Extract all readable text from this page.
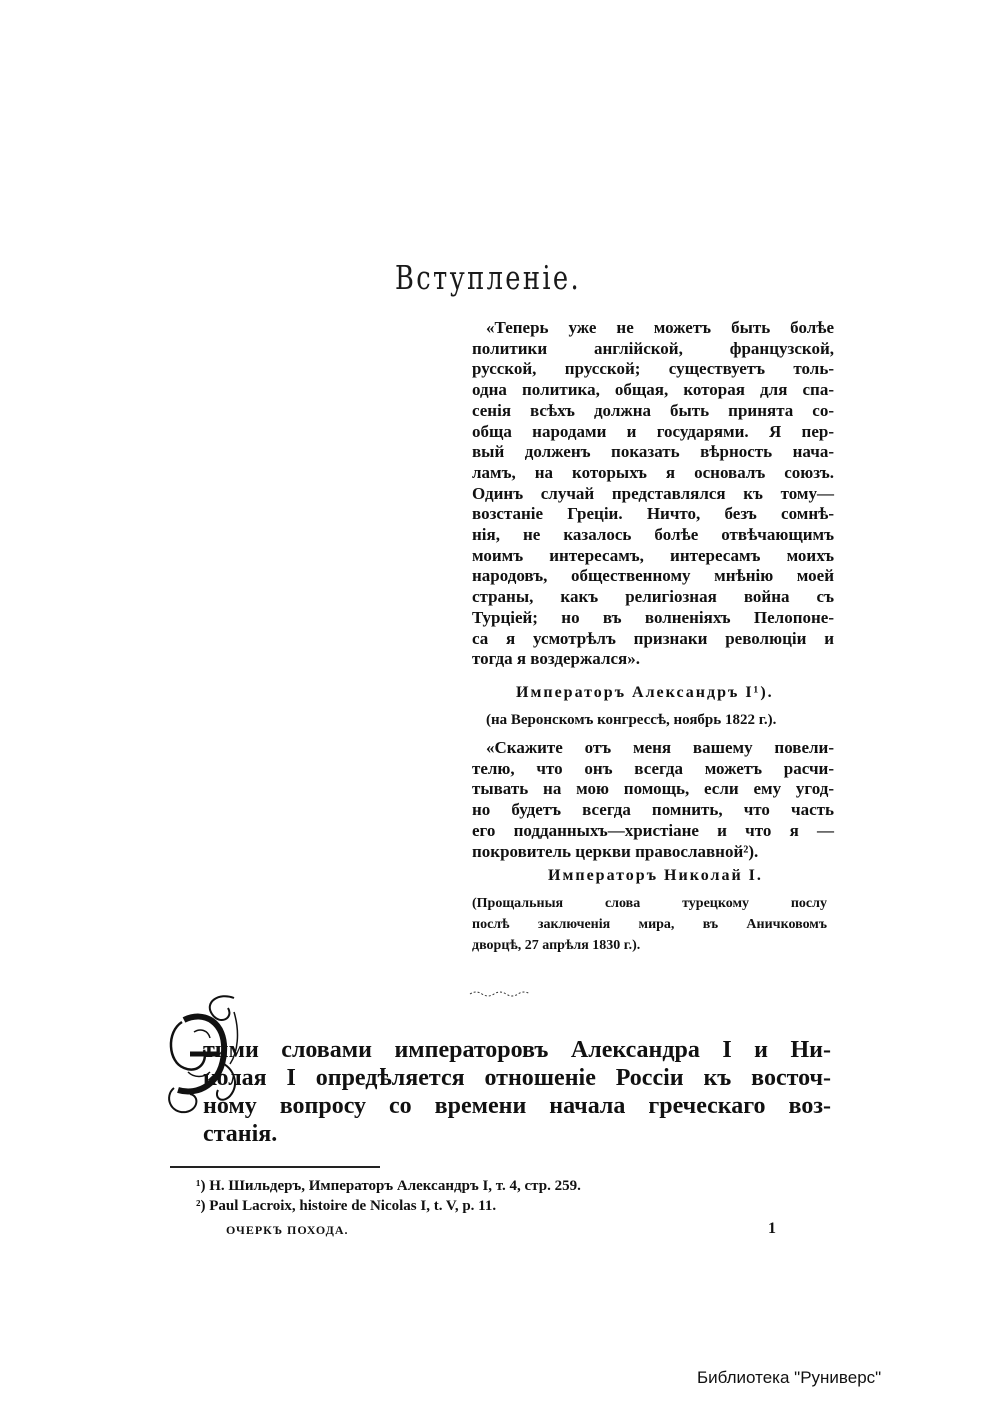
Вступленіе.
«Теперь уже не можетъ быть болѣе
политики англійской, французской,
русской, прусской; существуетъ толь-
одна политика, общая, которая для спа-
сенія всѣхъ должна быть принята со-
обща народами и государями. Я пер-
вый долженъ показать вѣрность нача-
ламъ, на которыхъ я основалъ союзъ.
Одинъ случай представлялся къ тому—
возстаніе Греціи. Ничто, безъ сомнѣ-
нія, не казалось болѣе отвѣчающимъ
моимъ интересамъ, интересамъ моихъ
народовъ, общественному мнѣнію моей
страны, какъ религіозная война съ
Турціей; но въ волненіяхъ Пелопоне-
са я усмотрѣлъ признаки революціи и
тогда я воздержался».
Императоръ Александръ І¹).
(на Веронскомъ конгрессѣ, ноябрь 1822 г.).
«Скажите отъ меня вашему повели-
телю, что онъ всегда можетъ расчи-
тывать на мою помощь, если ему угод-
но будетъ всегда помнить, что часть
его подданныхъ—христіане и что я —
покровитель церкви православной²).
Императоръ Николай І.
(Прощальныя слова турецкому послу
послѣ заключенія мира, въ Аничковомъ
дворцѣ, 27 апрѣля 1830 г.).
тими словами императоровъ Александра І и Ни-
колая І опредѣляется отношеніе Россіи къ восточ-
ному вопросу со времени начала греческаго воз-
станія.
¹) Н. Шильдеръ, Императоръ Александръ І, т. 4, стр. 259.
²) Paul Lacroix, histoire de Nicolas I, t. V, p. 11.
ОЧЕРКЪ ПОХОДА.	1
Библиотека "Руниверс"
